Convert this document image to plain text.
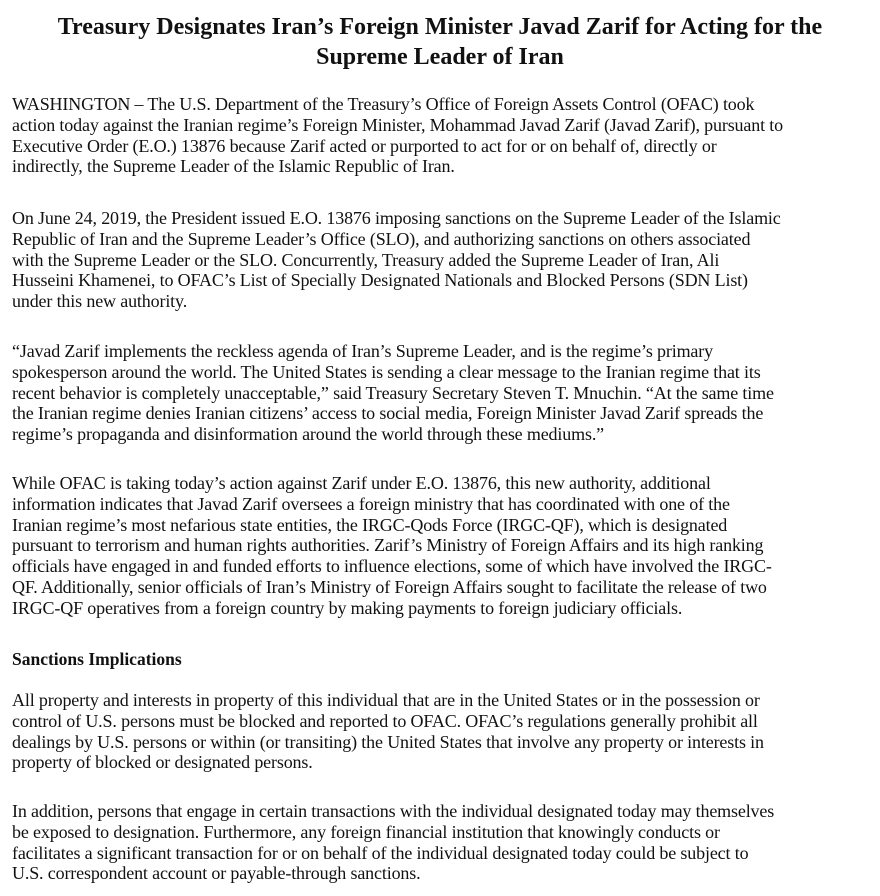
Treasury Designates Iran’s Foreign Minister Javad Zarif for Acting for the
Supreme Leader of Iran

WASHINGTON – The U.S. Department of the Treasury’s Office of Foreign Assets Control (OFAC) took
action today against the Iranian regime’s Foreign Minister, Mohammad Javad Zarif (Javad Zarif), pursuant to
Executive Order (E.O.) 13876 because Zarif acted or purported to act for or on behalf of, directly or
indirectly, the Supreme Leader of the Islamic Republic of Iran.

On June 24, 2019, the President issued E.O. 13876 imposing sanctions on the Supreme Leader of the Islamic
Republic of Iran and the Supreme Leader’s Office (SLO), and authorizing sanctions on others associated
with the Supreme Leader or the SLO. Concurrently, Treasury added the Supreme Leader of Iran, Ali
Husseini Khamenei, to OFAC’s List of Specially Designated Nationals and Blocked Persons (SDN List)
under this new authority.

“Javad Zarif implements the reckless agenda of Iran’s Supreme Leader, and is the regime’s primary
spokesperson around the world. The United States is sending a clear message to the Iranian regime that its
recent behavior is completely unacceptable,” said Treasury Secretary Steven T. Mnuchin. “At the same time
the Iranian regime denies Iranian citizens’ access to social media, Foreign Minister Javad Zarif spreads the
regime’s propaganda and disinformation around the world through these mediums.”

While OFAC is taking today’s action against Zarif under E.O. 13876, this new authority, additional
information indicates that Javad Zarif oversees a foreign ministry that has coordinated with one of the
Iranian regime’s most nefarious state entities, the IRGC-Qods Force (IRGC-QF), which is designated
pursuant to terrorism and human rights authorities. Zarif’s Ministry of Foreign Affairs and its high ranking
officials have engaged in and funded efforts to influence elections, some of which have involved the IRGC-
QF. Additionally, senior officials of Iran’s Ministry of Foreign Affairs sought to facilitate the release of two
IRGC-QF operatives from a foreign country by making payments to foreign judiciary officials.

Sanctions Implications

All property and interests in property of this individual that are in the United States or in the possession or
control of U.S. persons must be blocked and reported to OFAC. OFAC’s regulations generally prohibit all
dealings by U.S. persons or within (or transiting) the United States that involve any property or interests in
property of blocked or designated persons.

In addition, persons that engage in certain transactions with the individual designated today may themselves
be exposed to designation. Furthermore, any foreign financial institution that knowingly conducts or
facilitates a significant transaction for or on behalf of the individual designated today could be subject to
U.S. correspondent account or payable-through sanctions.
